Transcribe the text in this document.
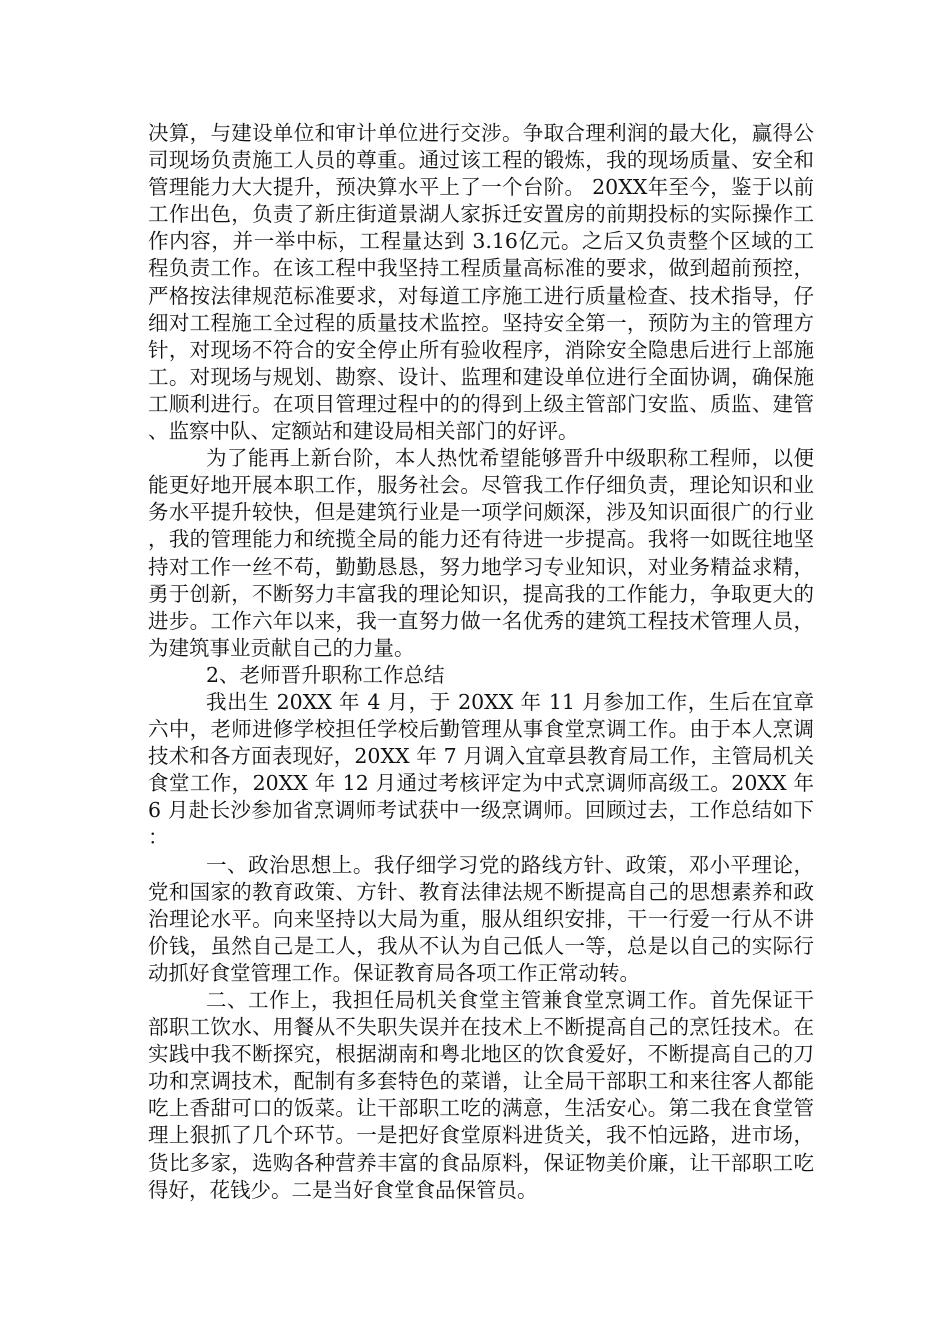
决算，与建设单位和审计单位进行交涉。争取合理利润的最大化，赢得公司现场负责施工人员的尊重。通过该工程的锻炼，我的现场质量、安全和管理能力大大提升，预决算水平上了一个台阶。 20XX年至今，鉴于以前工作出色，负责了新庄街道景湖人家拆迁安置房的前期投标的实际操作工作内容，并一举中标，工程量达到 3.16亿元。之后又负责整个区域的工程负责工作。在该工程中我坚持工程质量高标准的要求，做到超前预控，严格按法律规范标准要求，对每道工序施工进行质量检查、技术指导，仔细对工程施工全过程的质量技术监控。坚持安全第一，预防为主的管理方针，对现场不符合的安全停止所有验收程序，消除安全隐患后进行上部施工。对现场与规划、勘察、设计、监理和建设单位进行全面协调，确保施工顺利进行。在项目管理过程中的的得到上级主管部门安监、质监、建管、监察中队、定额站和建设局相关部门的好评。

为了能再上新台阶，本人热忱希望能够晋升中级职称工程师，以便能更好地开展本职工作，服务社会。尽管我工作仔细负责，理论知识和业务水平提升较快，但是建筑行业是一项学问颇深，涉及知识面很广的行业，我的管理能力和统揽全局的能力还有待进一步提高。我将一如既往地坚持对工作一丝不苟，勤勤恳恳，努力地学习专业知识，对业务精益求精，勇于创新，不断努力丰富我的理论知识，提高我的工作能力，争取更大的进步。工作六年以来，我一直努力做一名优秀的建筑工程技术管理人员，为建筑事业贡献自己的力量。

2、老师晋升职称工作总结

我出生 20XX 年 4 月，于 20XX 年 11 月参加工作，生后在宜章六中，老师进修学校担任学校后勤管理从事食堂烹调工作。由于本人烹调技术和各方面表现好，20XX 年 7 月调入宜章县教育局工作，主管局机关食堂工作，20XX 年 12 月通过考核评定为中式烹调师高级工。20XX 年 6 月赴长沙参加省烹调师考试获中一级烹调师。回顾过去，工作总结如下：

一、政治思想上。我仔细学习党的路线方针、政策，邓小平理论，党和国家的教育政策、方针、教育法律法规不断提高自己的思想素养和政治理论水平。向来坚持以大局为重，服从组织安排，干一行爱一行从不讲价钱，虽然自己是工人，我从不认为自己低人一等，总是以自己的实际行动抓好食堂管理工作。保证教育局各项工作正常动转。

二、工作上，我担任局机关食堂主管兼食堂烹调工作。首先保证干部职工饮水、用餐从不失职失误并在技术上不断提高自己的烹饪技术。在实践中我不断探究，根据湖南和粤北地区的饮食爱好，不断提高自己的刀功和烹调技术，配制有多套特色的菜谱，让全局干部职工和来往客人都能吃上香甜可口的饭菜。让干部职工吃的满意，生活安心。第二我在食堂管理上狠抓了几个环节。一是把好食堂原料进货关，我不怕远路，进市场，货比多家，选购各种营养丰富的食品原料，保证物美价廉，让干部职工吃得好，花钱少。二是当好食堂食品保管员。
